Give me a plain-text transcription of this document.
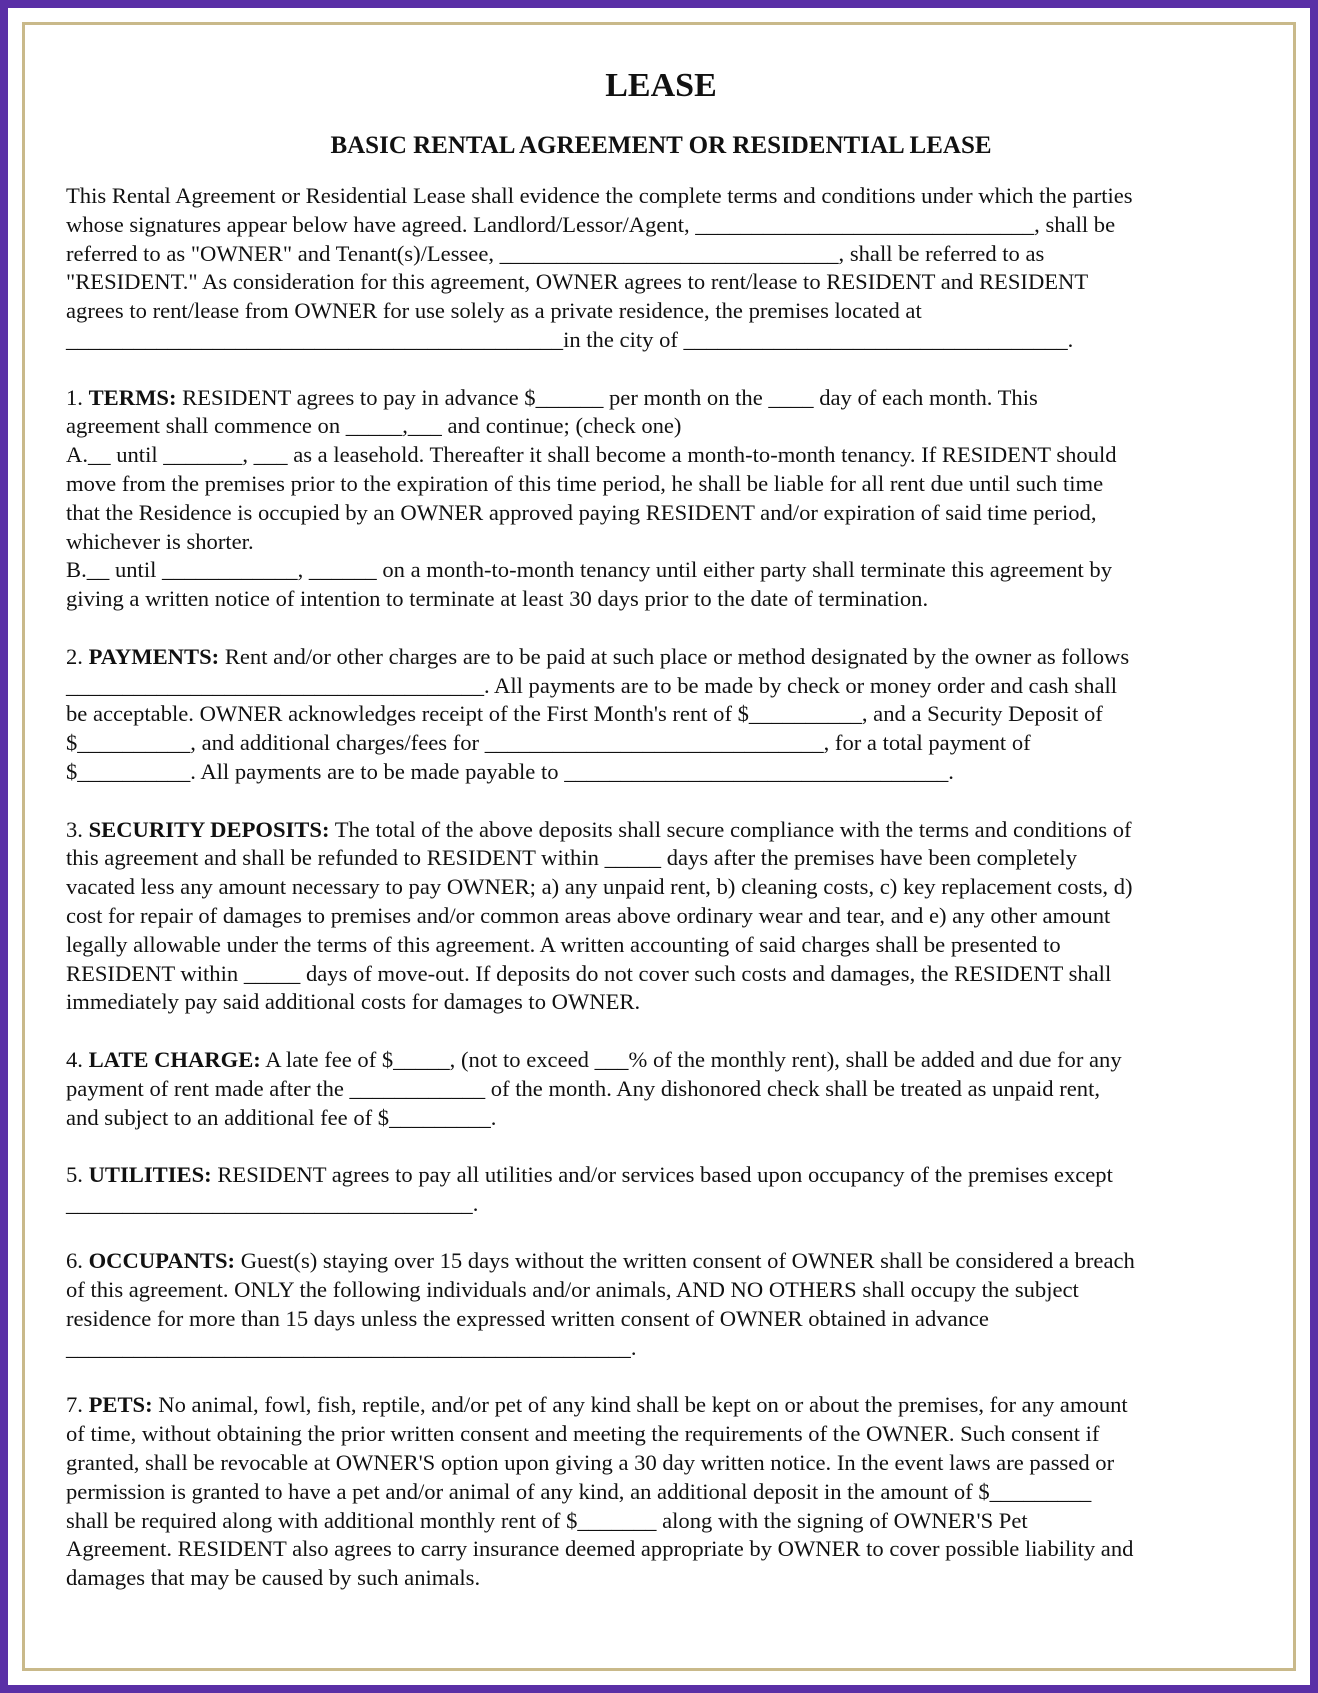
LEASE
BASIC RENTAL AGREEMENT OR RESIDENTIAL LEASE
This Rental Agreement or Residential Lease shall evidence the complete terms and conditions under which the parties
whose signatures appear below have agreed. Landlord/Lessor/Agent, ______________________________, shall be
referred to as "OWNER" and Tenant(s)/Lessee, ______________________________, shall be referred to as
"RESIDENT." As consideration for this agreement, OWNER agrees to rent/lease to RESIDENT and RESIDENT
agrees to rent/lease from OWNER for use solely as a private residence, the premises located at
____________________________________________in the city of __________________________________.
1. TERMS: RESIDENT agrees to pay in advance $______ per month on the ____ day of each month. This
agreement shall commence on _____,___ and continue; (check one)
A.__ until _______, ___ as a leasehold. Thereafter it shall become a month-to-month tenancy. If RESIDENT should
move from the premises prior to the expiration of this time period, he shall be liable for all rent due until such time
that the Residence is occupied by an OWNER approved paying RESIDENT and/or expiration of said time period,
whichever is shorter.
B.__ until ____________, ______ on a month-to-month tenancy until either party shall terminate this agreement by
giving a written notice of intention to terminate at least 30 days prior to the date of termination.
2. PAYMENTS: Rent and/or other charges are to be paid at such place or method designated by the owner as follows
_____________________________________. All payments are to be made by check or money order and cash shall
be acceptable. OWNER acknowledges receipt of the First Month's rent of $__________, and a Security Deposit of
$__________, and additional charges/fees for ______________________________, for a total payment of
$__________. All payments are to be made payable to __________________________________.
3. SECURITY DEPOSITS: The total of the above deposits shall secure compliance with the terms and conditions of
this agreement and shall be refunded to RESIDENT within _____ days after the premises have been completely
vacated less any amount necessary to pay OWNER; a) any unpaid rent, b) cleaning costs, c) key replacement costs, d)
cost for repair of damages to premises and/or common areas above ordinary wear and tear, and e) any other amount
legally allowable under the terms of this agreement. A written accounting of said charges shall be presented to
RESIDENT within _____ days of move-out. If deposits do not cover such costs and damages, the RESIDENT shall
immediately pay said additional costs for damages to OWNER.
4. LATE CHARGE: A late fee of $_____, (not to exceed ___% of the monthly rent), shall be added and due for any
payment of rent made after the ____________ of the month. Any dishonored check shall be treated as unpaid rent,
and subject to an additional fee of $_________.
5. UTILITIES: RESIDENT agrees to pay all utilities and/or services based upon occupancy of the premises except
____________________________________.
6. OCCUPANTS: Guest(s) staying over 15 days without the written consent of OWNER shall be considered a breach
of this agreement. ONLY the following individuals and/or animals, AND NO OTHERS shall occupy the subject
residence for more than 15 days unless the expressed written consent of OWNER obtained in advance
__________________________________________________.
7. PETS: No animal, fowl, fish, reptile, and/or pet of any kind shall be kept on or about the premises, for any amount
of time, without obtaining the prior written consent and meeting the requirements of the OWNER. Such consent if
granted, shall be revocable at OWNER'S option upon giving a 30 day written notice. In the event laws are passed or
permission is granted to have a pet and/or animal of any kind, an additional deposit in the amount of $_________
shall be required along with additional monthly rent of $_______ along with the signing of OWNER'S Pet
Agreement. RESIDENT also agrees to carry insurance deemed appropriate by OWNER to cover possible liability and
damages that may be caused by such animals.
